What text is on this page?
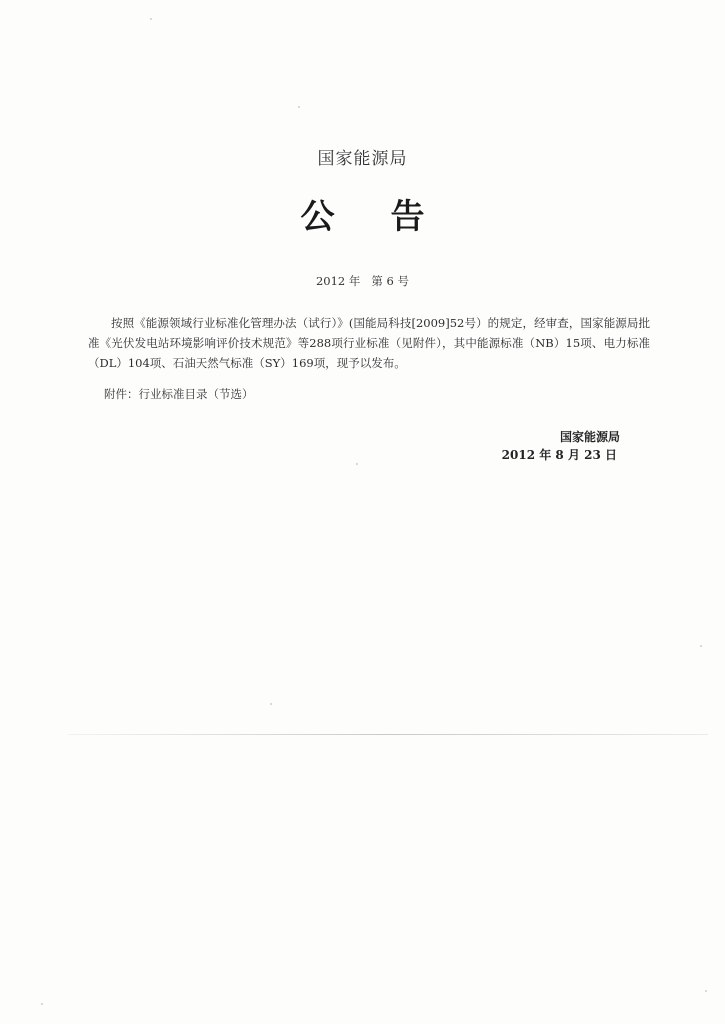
国家能源局
公 告
2012 年   第 6 号

按照《能源领域行业标准化管理办法（试行）》(国能局科技[2009]52号）的规定，经审查，国家能源局批准《光伏发电站环境影响评价技术规范》等288项行业标准（见附件），其中能源标准（NB）15项、电力标准（DL）104项、石油天然气标准（SY）169项，现予以发布。

附件：行业标准目录（节选）
国家能源局
2012 年 8 月 23 日
